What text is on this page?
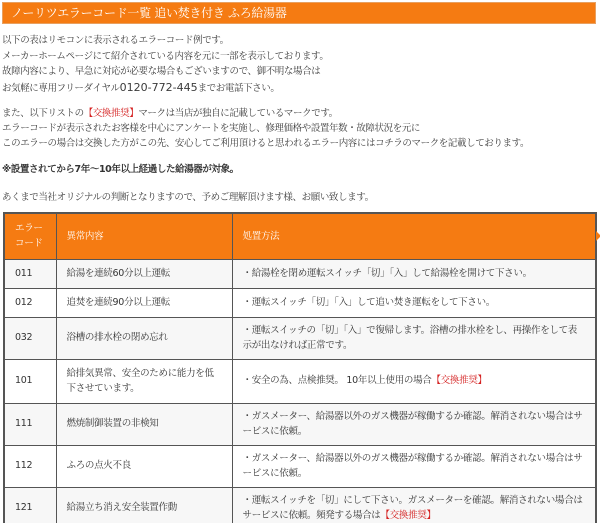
ノーリツエラーコード一覧 追い焚き付き ふろ給湯器
以下の表はリモコンに表示されるエラーコード例です。
メーカーホームページにて紹介されている内容を元に一部を表示しております。
故障内容により、早急に対応が必要な場合もございますので、御不明な場合は
お気軽に専用フリーダイヤル0120-772-445までお電話下さい。
また、以下リストの【交換推奨】マークは当店が独自に記載しているマークです。
エラーコードが表示されたお客様を中心にアンケートを実施し、修理価格や設置年数・故障状況を元に
このエラーの場合は交換した方がこの先、安心してご利用頂けると思われるエラー内容にはコチラのマークを記載しております。
※設置されてから7年～10年以上経過した給湯器が対象。
あくまで当社オリジナルの判断となりますので、予めご理解頂けます様、お願い致します。
エラー
コード	異常内容	処置方法
011	給湯を連続60分以上運転	・給湯栓を閉め運転スイッチ「切」「入」して給湯栓を開けて下さい。
012	追焚を連続90分以上運転	・運転スイッチ「切」「入」して追い焚き運転をして下さい。
032	浴槽の排水栓の閉め忘れ	・運転スイッチの「切」「入」で復帰します。浴槽の排水栓をし、再操作をして表示が出なければ正常です。
101	給排気異常、安全のために能力を低下させています。	・安全の為、点検推奨。 10年以上使用の場合【交換推奨】
111	燃焼制御装置の非検知	・ガスメーター、給湯器以外のガス機器が稼働するか確認。解消されない場合はサービスに依頼。
112	ふろの点火不良	・ガスメーター、給湯器以外のガス機器が稼働するか確認。解消されない場合はサービスに依頼。
121	給湯立ち消え安全装置作動	・運転スイッチを「切」にして下さい。ガスメーターを確認。解消されない場合はサービスに依頼。頻発する場合は【交換推奨】
